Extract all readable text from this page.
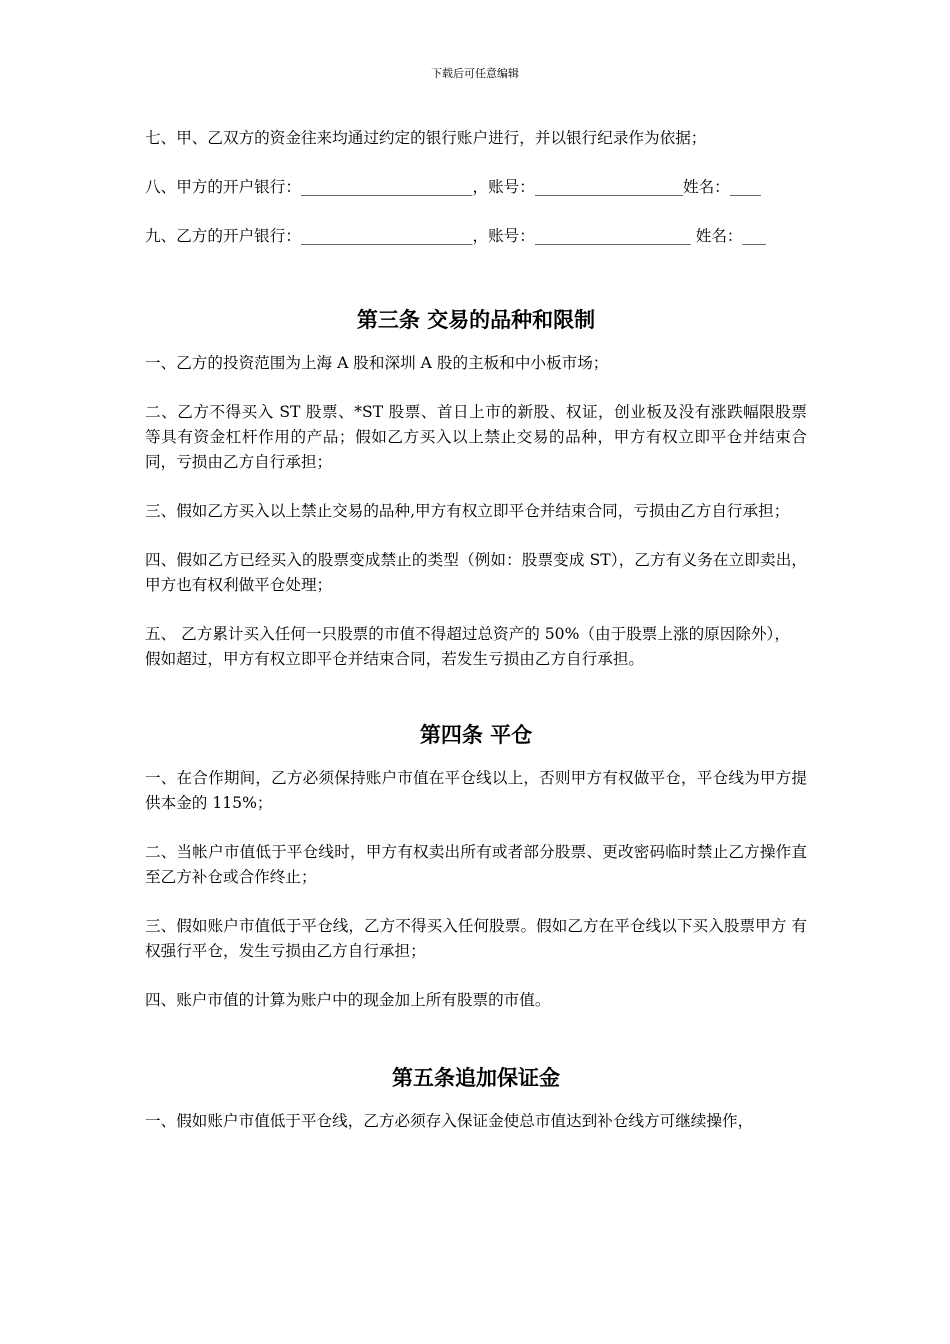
下载后可任意编辑

七、甲、乙双方的资金往来均通过约定的银行账户进行，并以银行纪录作为依据；

八、甲方的开户银行：______________________，账号：___________________姓名：____

九、乙方的开户银行：______________________，账号：____________________ 姓名：___

第三条 交易的品种和限制

一、乙方的投资范围为上海 A 股和深圳 A 股的主板和中小板市场；

二、乙方不得买入 ST 股票、*ST 股票、首日上市的新股、权证，创业板及没有涨跌幅限股票 等具有资金杠杆作用的产品；假如乙方买入以上禁止交易的品种，甲方有权立即平仓并结束合同，亏损由乙方自行承担；

三、假如乙方买入以上禁止交易的品种,甲方有权立即平仓并结束合同，亏损由乙方自行承担；

四、假如乙方已经买入的股票变成禁止的类型（例如：股票变成 ST），乙方有义务在立即卖出，甲方也有权利做平仓处理；

五、 乙方累计买入任何一只股票的市值不得超过总资产的 50%（由于股票上涨的原因除外），

假如超过，甲方有权立即平仓并结束合同，若发生亏损由乙方自行承担。

第四条 平仓

一、在合作期间，乙方必须保持账户市值在平仓线以上，否则甲方有权做平仓，平仓线为甲方提 供本金的 115%；

二、当帐户市值低于平仓线时，甲方有权卖出所有或者部分股票、更改密码临时禁止乙方操作直 至乙方补仓或合作终止；

三、假如账户市值低于平仓线，乙方不得买入任何股票。假如乙方在平仓线以下买入股票甲方 有权强行平仓，发生亏损由乙方自行承担；

四、账户市值的计算为账户中的现金加上所有股票的市值。

第五条追加保证金

一、假如账户市值低于平仓线，乙方必须存入保证金使总市值达到补仓线方可继续操作，
